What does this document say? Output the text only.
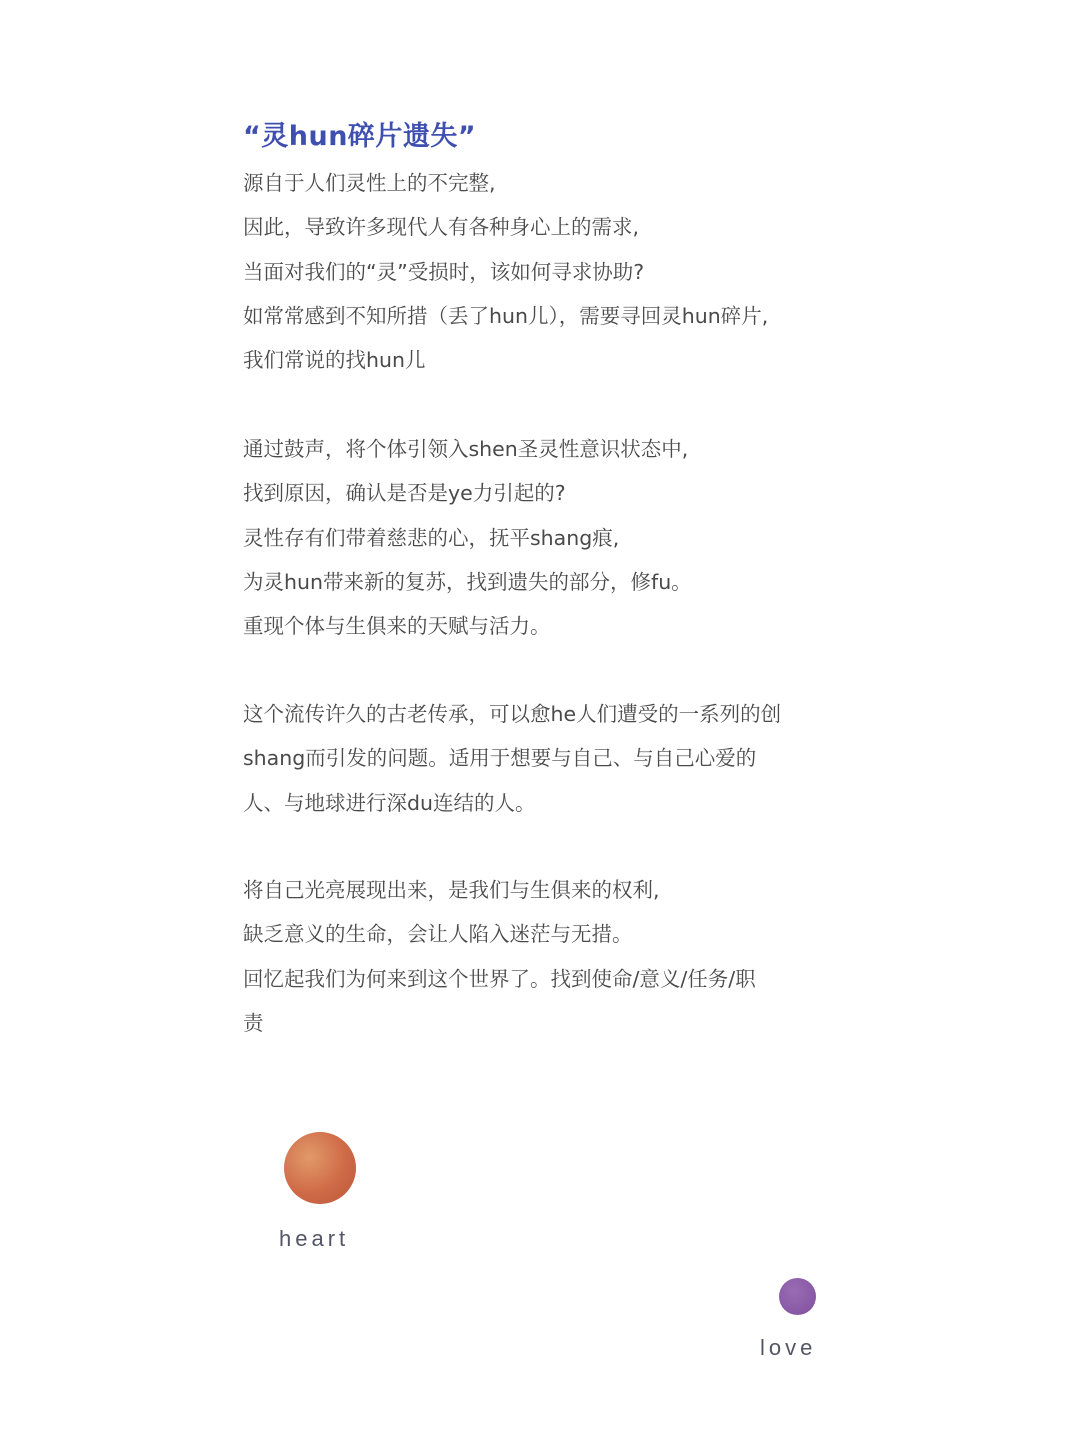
“灵hun碎片遗失”
源自于人们灵性上的不完整,
因此，导致许多现代人有各种身心上的需求,
当面对我们的“灵”受损时，该如何寻求协助?
如常常感到不知所措（丢了hun儿），需要寻回灵hun碎片,
我们常说的找hun儿
通过鼓声，将个体引领入shen圣灵性意识状态中,
找到原因，确认是否是ye力引起的?
灵性存有们带着慈悲的心，抚平shang痕,
为灵hun带来新的复苏，找到遗失的部分，修fu。
重现个体与生俱来的天赋与活力。
这个流传许久的古老传承，可以愈he人们遭受的一系列的创
shang而引发的问题。适用于想要与自己、与自己心爱的
人、与地球进行深du连结的人。
将自己光亮展现出来，是我们与生俱来的权利,
缺乏意义的生命，会让人陷入迷茫与无措。
回忆起我们为何来到这个世界了。找到使命/意义/任务/职
责
heart
love
